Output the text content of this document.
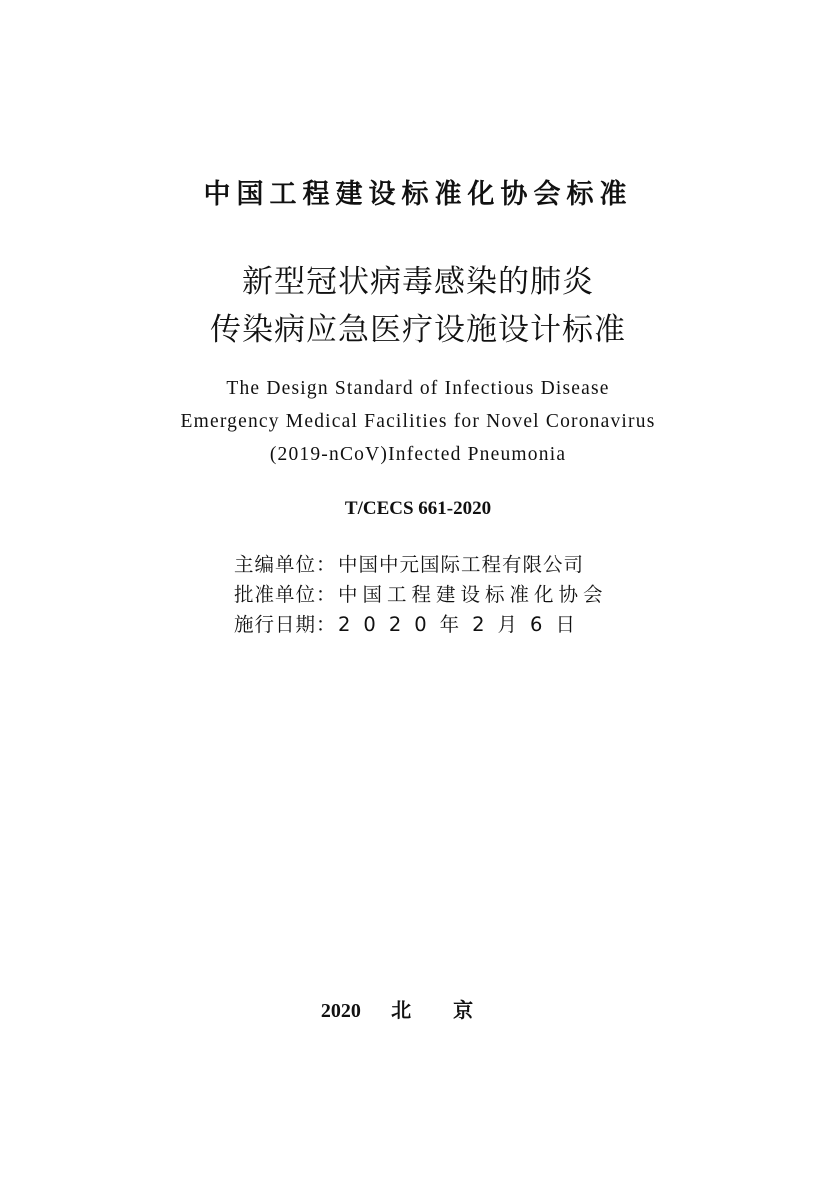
中国工程建设标准化协会标准
新型冠状病毒感染的肺炎
传染病应急医疗设施设计标准
The Design Standard of Infectious Disease
Emergency Medical Facilities for Novel Coronavirus
(2019-nCoV)Infected Pneumonia
T/CECS 661-2020
主编单位： 中国中元国际工程有限公司
批准单位： 中国工程建设标准化协会
施行日期： 2020年2月6日
2020 北京
